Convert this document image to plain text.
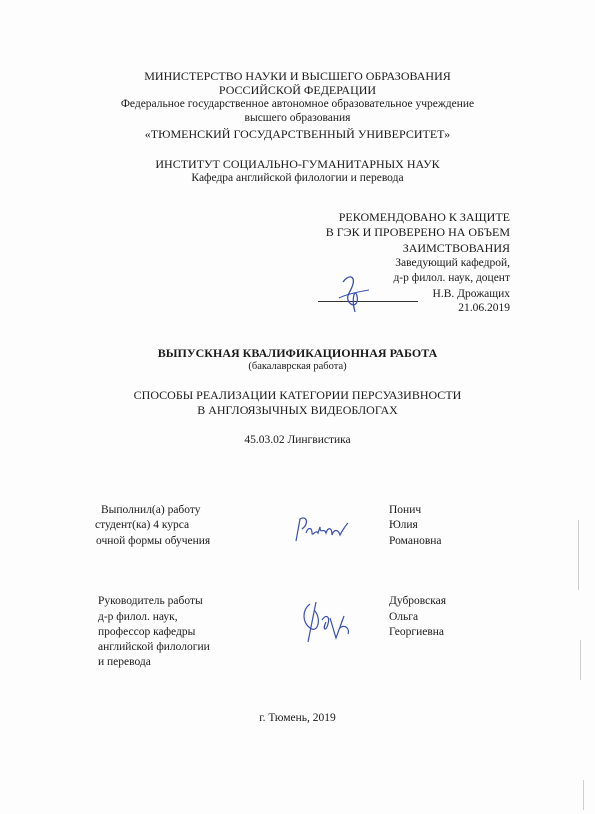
МИНИСТЕРСТВО НАУКИ И ВЫСШЕГО ОБРАЗОВАНИЯ
РОССИЙСКОЙ ФЕДЕРАЦИИ
Федеральное государственное автономное образовательное учреждение
высшего образования
«ТЮМЕНСКИЙ ГОСУДАРСТВЕННЫЙ УНИВЕРСИТЕТ»
ИНСТИТУТ СОЦИАЛЬНО-ГУМАНИТАРНЫХ НАУК
Кафедра английской филологии и перевода
РЕКОМЕНДОВАНО К ЗАЩИТЕ
В ГЭК И ПРОВЕРЕНО НА ОБЪЕМ
ЗАИМСТВОВАНИЯ
Заведующий кафедрой,
д-р филол. наук, доцент
Н.В. Дрожащих
21.06.2019
ВЫПУСКНАЯ КВАЛИФИКАЦИОННАЯ РАБОТА
(бакалаврская работа)
СПОСОБЫ РЕАЛИЗАЦИИ КАТЕГОРИИ ПЕРСУАЗИВНОСТИ
В АНГЛОЯЗЫЧНЫХ ВИДЕОБЛОГАХ
45.03.02 Лингвистика
Выполнил(а) работу
студент(ка) 4 курса
очной формы обучения
Понич
Юлия
Романовна
Руководитель работы
д-р филол. наук,
профессор кафедры
английской филологии
и перевода
Дубровская
Ольга
Георгиевна
г. Тюмень, 2019
